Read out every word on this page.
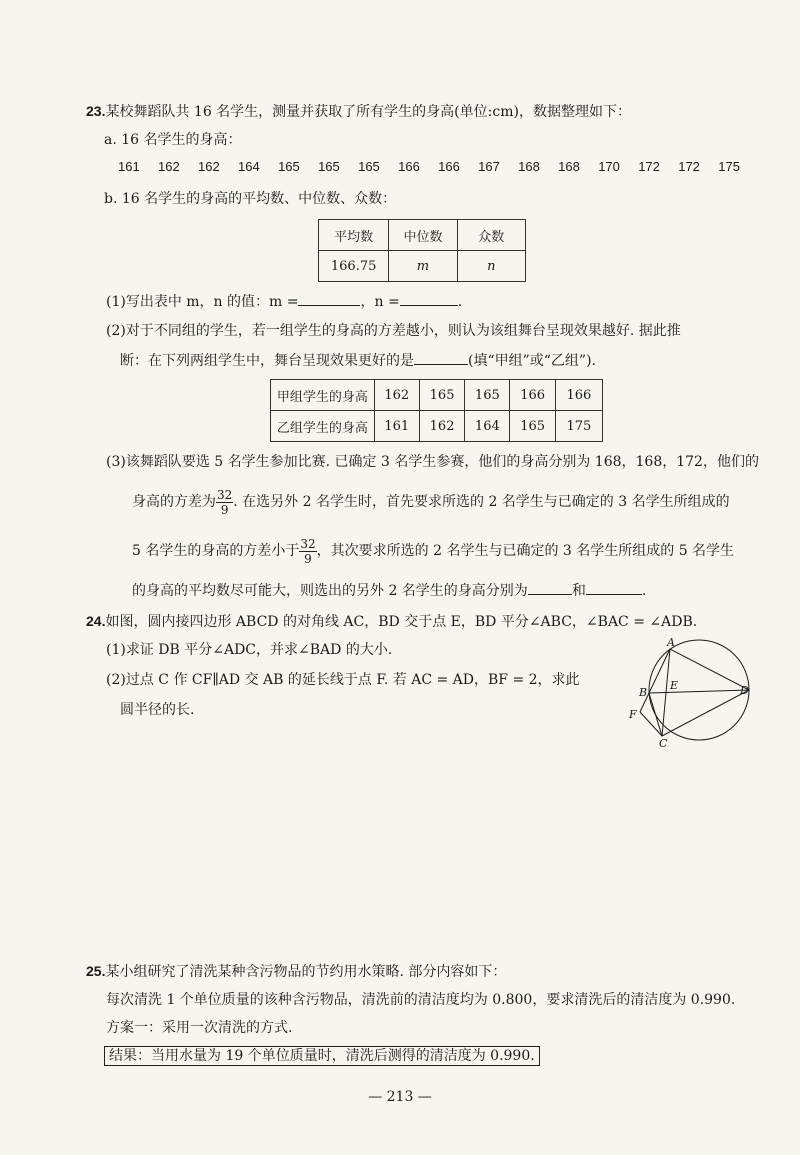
23.某校舞蹈队共 16 名学生，测量并获取了所有学生的身高(单位:cm)，数据整理如下：
a. 16 名学生的身高：
161 162 162 164 165 165 165 166 166 167 168 168 170 172 172 175
b. 16 名学生的身高的平均数、中位数、众数：
平均数	中位数	众数
166.75	m	n
(1)写出表中 m，n 的值：m =	，n =	.
(2)对于不同组的学生，若一组学生的身高的方差越小，则认为该组舞台呈现效果越好. 据此推
断：在下列两组学生中，舞台呈现效果更好的是	(填“甲组”或“乙组”).
甲组学生的身高	162	165	165	166	166
乙组学生的身高	161	162	164	165	175
(3)该舞蹈队要选 5 名学生参加比赛. 已确定 3 名学生参赛，他们的身高分别为 168，168，172，他们的
身高的方差为 $\frac{32}{9}$ . 在选另外 2 名学生时，首先要求所选的 2 名学生与已确定的 3 名学生所组成的
5 名学生的身高的方差小于 $\frac{32}{9}$ ，其次要求所选的 2 名学生与已确定的 3 名学生所组成的 5 名学生
的身高的平均数尽可能大，则选出的另外 2 名学生的身高分别为	和	.
24.如图，圆内接四边形 ABCD 的对角线 AC，BD 交于点 E，BD 平分∠ABC，∠BAC = ∠ADB.
(1)求证 DB 平分∠ADC，并求∠BAD 的大小.
(2)过点 C 作 CF∥AD 交 AB 的延长线于点 F. 若 AC = AD，BF = 2，求此
圆半径的长.
A
B
C
D
E
F
25.某小组研究了清洗某种含污物品的节约用水策略. 部分内容如下：
每次清洗 1 个单位质量的该种含污物品，清洗前的清洁度均为 0.800，要求清洗后的清洁度为 0.990.
方案一：采用一次清洗的方式.
结果：当用水量为 19 个单位质量时，清洗后测得的清洁度为 0.990.
— 213 —
